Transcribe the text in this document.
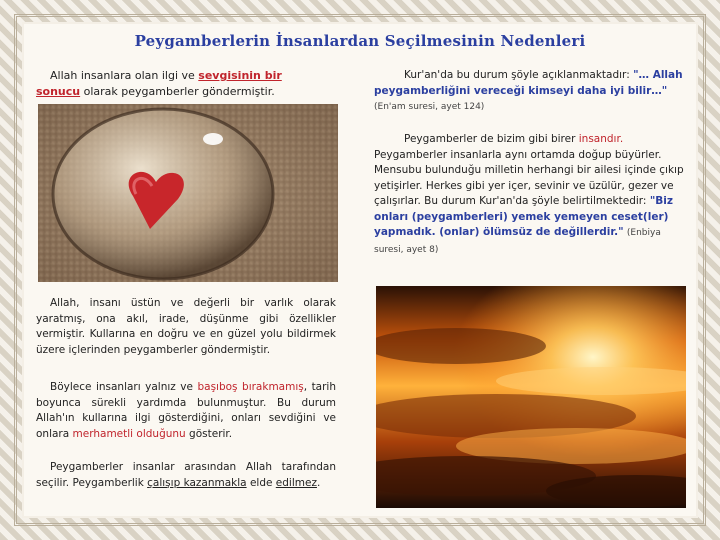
Peygamberlerin İnsanlardan Seçilmesinin Nedenleri
Allah insanlara olan ilgi ve sevgisinin bir sonucu olarak peygamberler göndermiştir.
Allah, insanı üstün ve değerli bir varlık olarak yaratmış, ona akıl, irade, düşünme gibi özellikler vermiştir. Kullarına en doğru ve en güzel yolu bildirmek üzere içlerinden peygamberler göndermiştir.
Böylece insanları yalnız ve başıboş bırakmamış, tarih boyunca sürekli yardımda bulunmuştur. Bu durum Allah'ın kullarına ilgi gösterdiğini, onları sevdiğini ve onlara merhametli olduğunu gösterir.
Peygamberler insanlar arasından Allah tarafından seçilir. Peygamberlik çalışıp kazanmakla elde edilmez.
Kur'an'da bu durum şöyle açıklanmaktadır: "… Allah peygamberliğini vereceği kimseyi daha iyi bilir…" (En'am suresi, ayet 124)
Peygamberler de bizim gibi birer insandır. Peygamberler insanlarla aynı ortamda doğup büyürler. Mensubu bulunduğu milletin herhangi bir ailesi içinde çıkıp yetişirler. Herkes gibi yer içer, sevinir ve üzülür, gezer ve çalışırlar. Bu durum Kur'an'da şöyle belirtilmektedir: "Biz onları (peygamberleri) yemek yemeyen ceset(ler) yapmadık. (onlar) ölümsüz de değillerdir." (Enbiya suresi, ayet 8)
